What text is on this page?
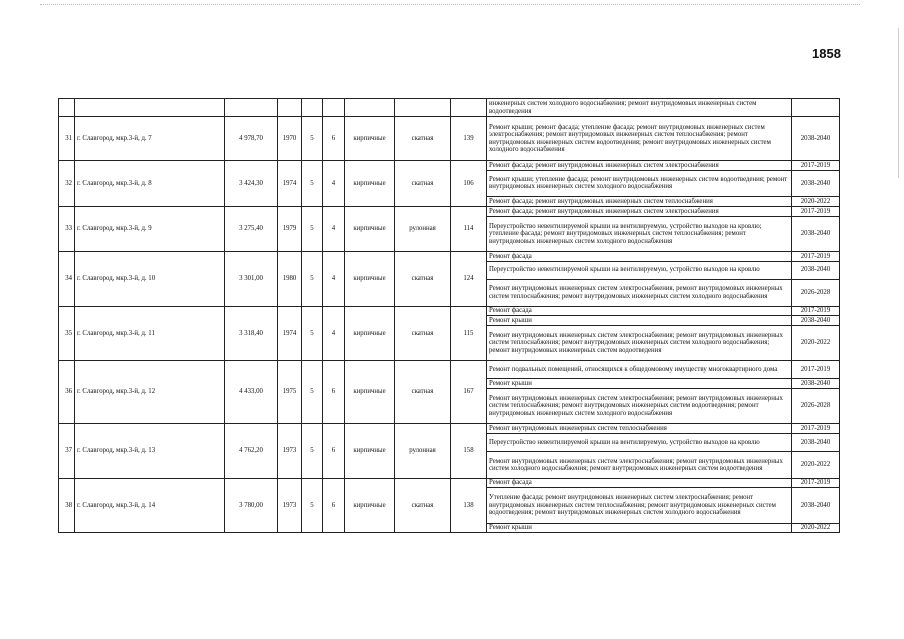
1858
									инженерных систем холодного водоснабжения; ремонт внутридомовых инженерных систем водоотведения	
31	г. Славгород, мкр.3-й, д. 7	4 978,70	1970	5	6	кирпичные	скатная	139	Ремонт крыши; ремонт фасада; утепление фасада; ремонт внутридомовых инженерных систем электроснабжения; ремонт внутридомовых инженерных систем теплоснабжения; ремонт внутридомовых инженерных систем водоотведения; ремонт внутридомовых инженерных систем холодного водоснабжения	2038-2040
32	г. Славгород, мкр.3-й, д. 8	3 424,30	1974	5	4	кирпичные	скатная	106	Ремонт фасада; ремонт внутридомовых инженерных систем электроснабжения	2017-2019
									Ремонт крыши; утепление фасада; ремонт внутридомовых инженерных систем водоотведения; ремонт внутридомовых инженерных систем холодного водоснабжения	2038-2040
									Ремонт фасада; ремонт внутридомовых инженерных систем теплоснабжения	2020-2022
33	г. Славгород, мкр.3-й, д. 9	3 275,40	1979	5	4	кирпичные	рулонная	114	Ремонт фасада; ремонт внутридомовых инженерных систем электроснабжения	2017-2019
									Переустройство невентилируемой крыши на вентилируемую, устройство выходов на кровлю; утепление фасада; ремонт внутридомовых инженерных систем теплоснабжения; ремонт внутридомовых инженерных систем холодного водоснабжения	2038-2040
34	г. Славгород, мкр.3-й, д. 10	3 301,00	1980	5	4	кирпичные	скатная	124	Ремонт фасада	2017-2019
									Переустройство невентилируемой крыши на вентилируемую, устройство выходов на кровлю	2038-2040
									Ремонт внутридомовых инженерных систем электроснабжения, ремонт внутридомовых инженерных систем теплоснабжения; ремонт внутридомовых инженерных систем холодного водоснабжения	2026-2028
35	г. Славгород, мкр.3-й, д. 11	3 318,40	1974	5	4	кирпичные	скатная	115	Ремонт фасада	2017-2019
									Ремонт крыши	2038-2040
									Ремонт внутридомовых инженерных систем электроснабжения; ремонт внутридомовых инженерных систем теплоснабжения; ремонт внутридомовых инженерных систем холодного водоснабжения; ремонт внутридомовых инженерных систем водоотведения	2020-2022
36	г. Славгород, мкр.3-й, д. 12	4 433,00	1975	5	6	кирпичные	скатная	167	Ремонт подвальных помещений, относящихся к общедомовому имуществу многоквартирного дома	2017-2019
									Ремонт крыши	2038-2040
									Ремонт внутридомовых инженерных систем электроснабжения; ремонт внутридомовых инженерных систем теплоснабжения; ремонт внутридомовых инженерных систем водоотведения; ремонт внутридомовых инженерных систем холодного водоснабжения	2026-2028
37	г. Славгород, мкр.3-й, д. 13	4 762,20	1973	5	6	кирпичные	рулонная	158	Ремонт внутридомовых инженерных систем теплоснабжения	2017-2019
									Переустройство невентилируемой крыши на вентилируемую, устройство выходов на кровлю	2038-2040
									Ремонт внутридомовых инженерных систем электроснабжения; ремонт внутридомовых инженерных систем холодного водоснабжения; ремонт внутридомовых инженерных систем водоотведения	2020-2022
38	г. Славгород, мкр.3-й, д. 14	3 780,00	1973	5	6	кирпичные	скатная	138	Ремонт фасада	2017-2019
									Утепление фасада; ремонт внутридомовых инженерных систем электроснабжения; ремонт внутридомовых инженерных систем теплоснабжения; ремонт внутридомовых инженерных систем водоотведения; ремонт внутридомовых инженерных систем холодного водоснабжения	2038-2040
									Ремонт крыши	2020-2022
